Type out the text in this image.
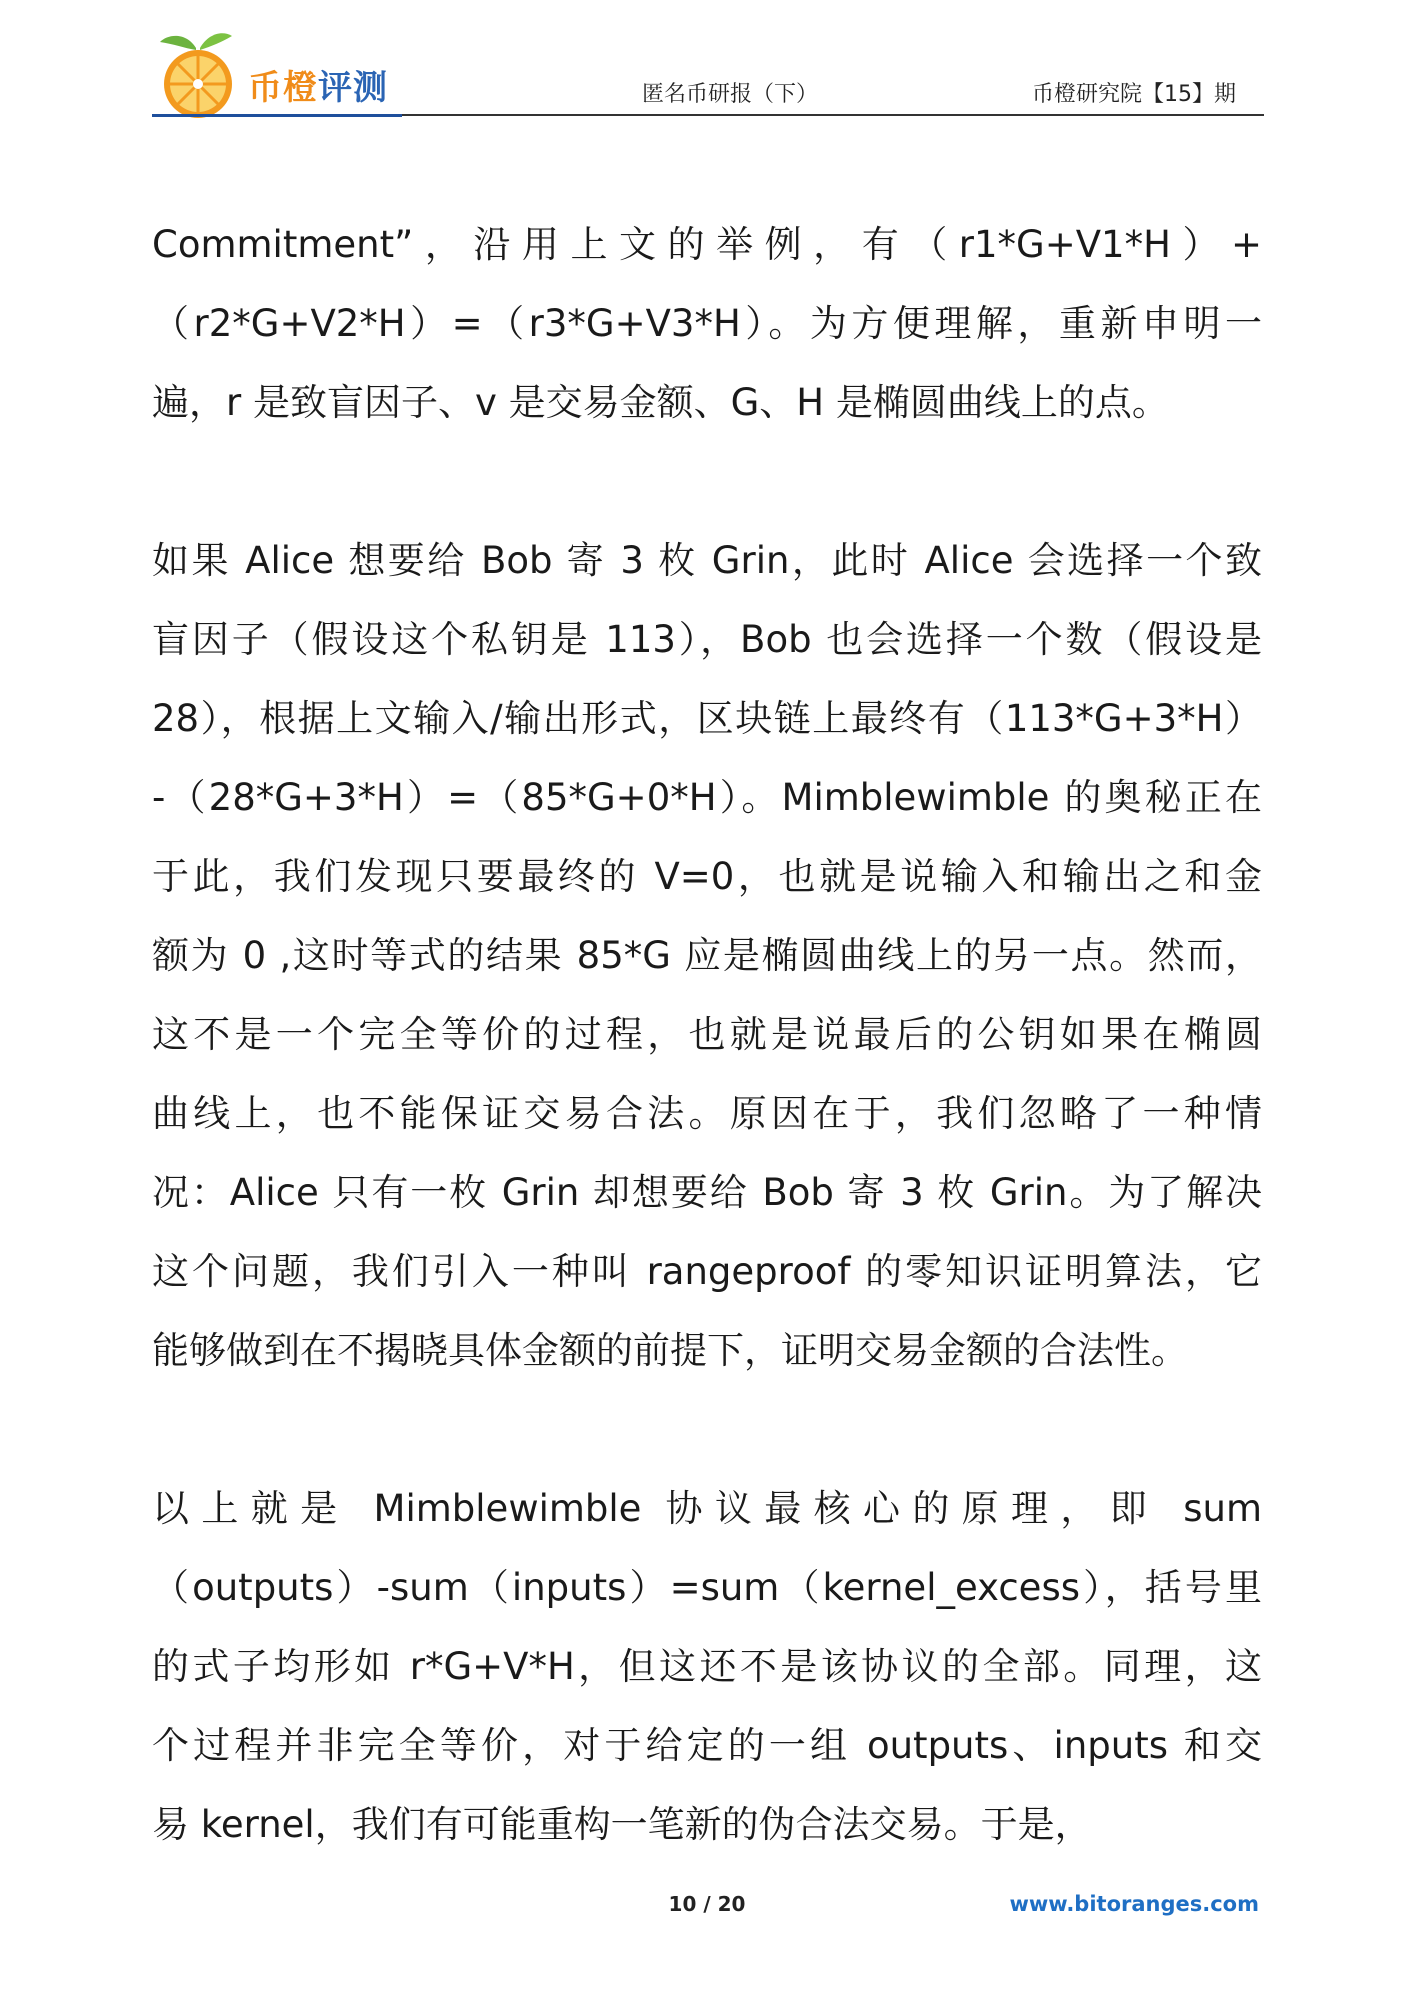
币橙评测	匿名币研报（下）	币橙研究院【15】期

Commitment”，沿用上文的举例，有（r1*G+V1*H）+
（r2*G+V2*H）=（r3*G+V3*H）。为方便理解，重新申明一
遍，r 是致盲因子、v 是交易金额、G、H 是椭圆曲线上的点。

如果 Alice 想要给 Bob 寄 3 枚 Grin，此时 Alice 会选择一个致
盲因子（假设这个私钥是 113），Bob 也会选择一个数（假设是
28），根据上文输入/输出形式，区块链上最终有（113*G+3*H）
-（28*G+3*H）=（85*G+0*H）。Mimblewimble 的奥秘正在
于此，我们发现只要最终的 V=0，也就是说输入和输出之和金
额为 0 ,这时等式的结果 85*G 应是椭圆曲线上的另一点。然而，
这不是一个完全等价的过程，也就是说最后的公钥如果在椭圆
曲线上，也不能保证交易合法。原因在于，我们忽略了一种情
况：Alice 只有一枚 Grin 却想要给 Bob 寄 3 枚 Grin。为了解决
这个问题，我们引入一种叫 rangeproof 的零知识证明算法，它
能够做到在不揭晓具体金额的前提下，证明交易金额的合法性。

以上就是 Mimblewimble 协议最核心的原理，即 sum
（outputs）-sum（inputs）=sum（kernel_excess），括号里
的式子均形如 r*G+V*H，但这还不是该协议的全部。同理，这
个过程并非完全等价，对于给定的一组 outputs、inputs 和交
易 kernel，我们有可能重构一笔新的伪合法交易。于是，

10 / 20	www.bitoranges.com
